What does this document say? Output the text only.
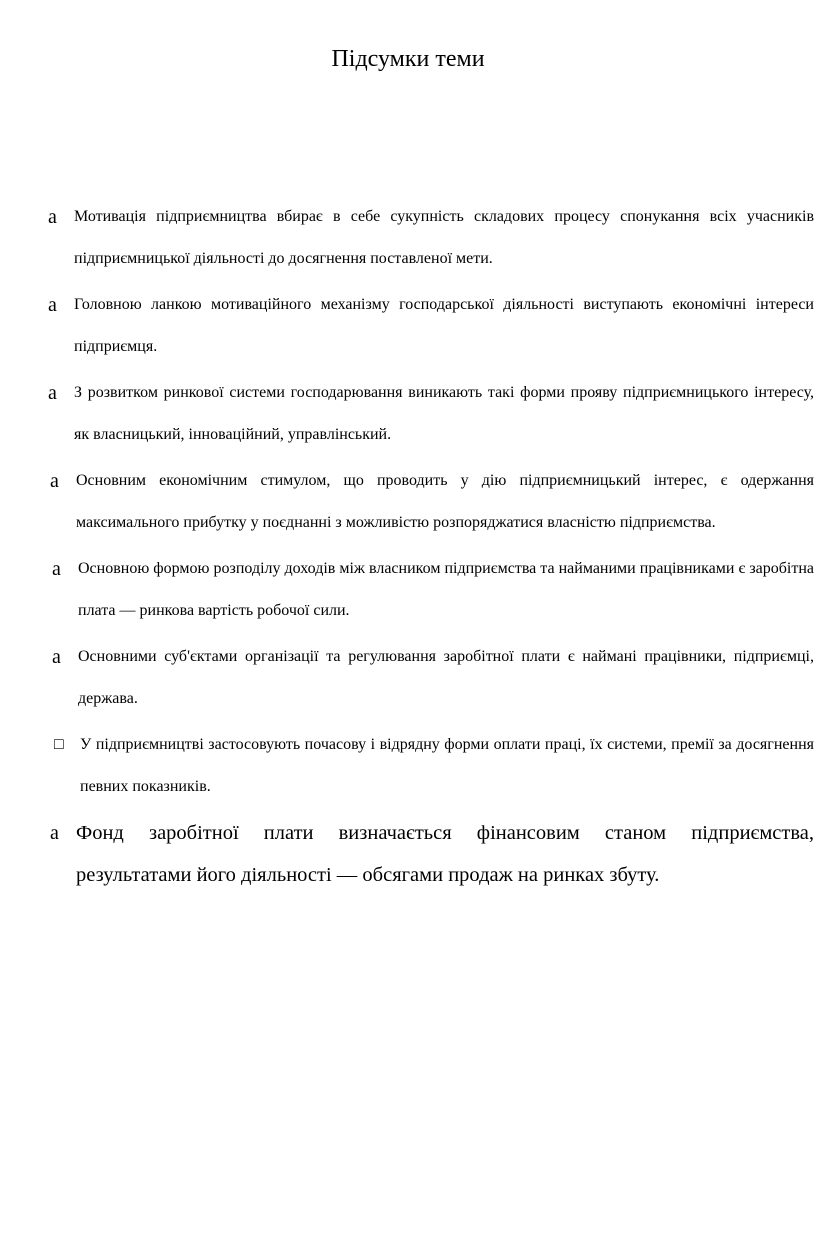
Підсумки теми
a Мотивація підприємництва вбирає в себе сукупність складових процесу спонукання всіх учасників підприємницької діяльності до досягнення поставленої мети.
a Головною ланкою мотиваційного механізму господарської діяльності виступають економічні інтереси підприємця.
a З розвитком ринкової системи господарювання виникають такі форми прояву підприємницького інтересу, як власницький, інноваційний, управлінський.
a Основним економічним стимулом, що проводить у дію підприємницький інтерес, є одержання максимального прибутку у поєднанні з можливістю розпоряджатися власністю підприємства.
a Основною формою розподілу доходів між власником підприємства та найманими працівниками є заробітна плата — ринкова вартість робочої сили.
a Основними суб'єктами організації та регулювання заробітної плати є наймані працівники, підприємці, держава.
□ У підприємництві застосовують почасову і відрядну форми оплати праці, їх системи, премії за досягнення певних показників.
a Фонд заробітної плати визначається фінансовим станом підприємства, результатами його діяльності — обсягами продаж на ринках збуту.
